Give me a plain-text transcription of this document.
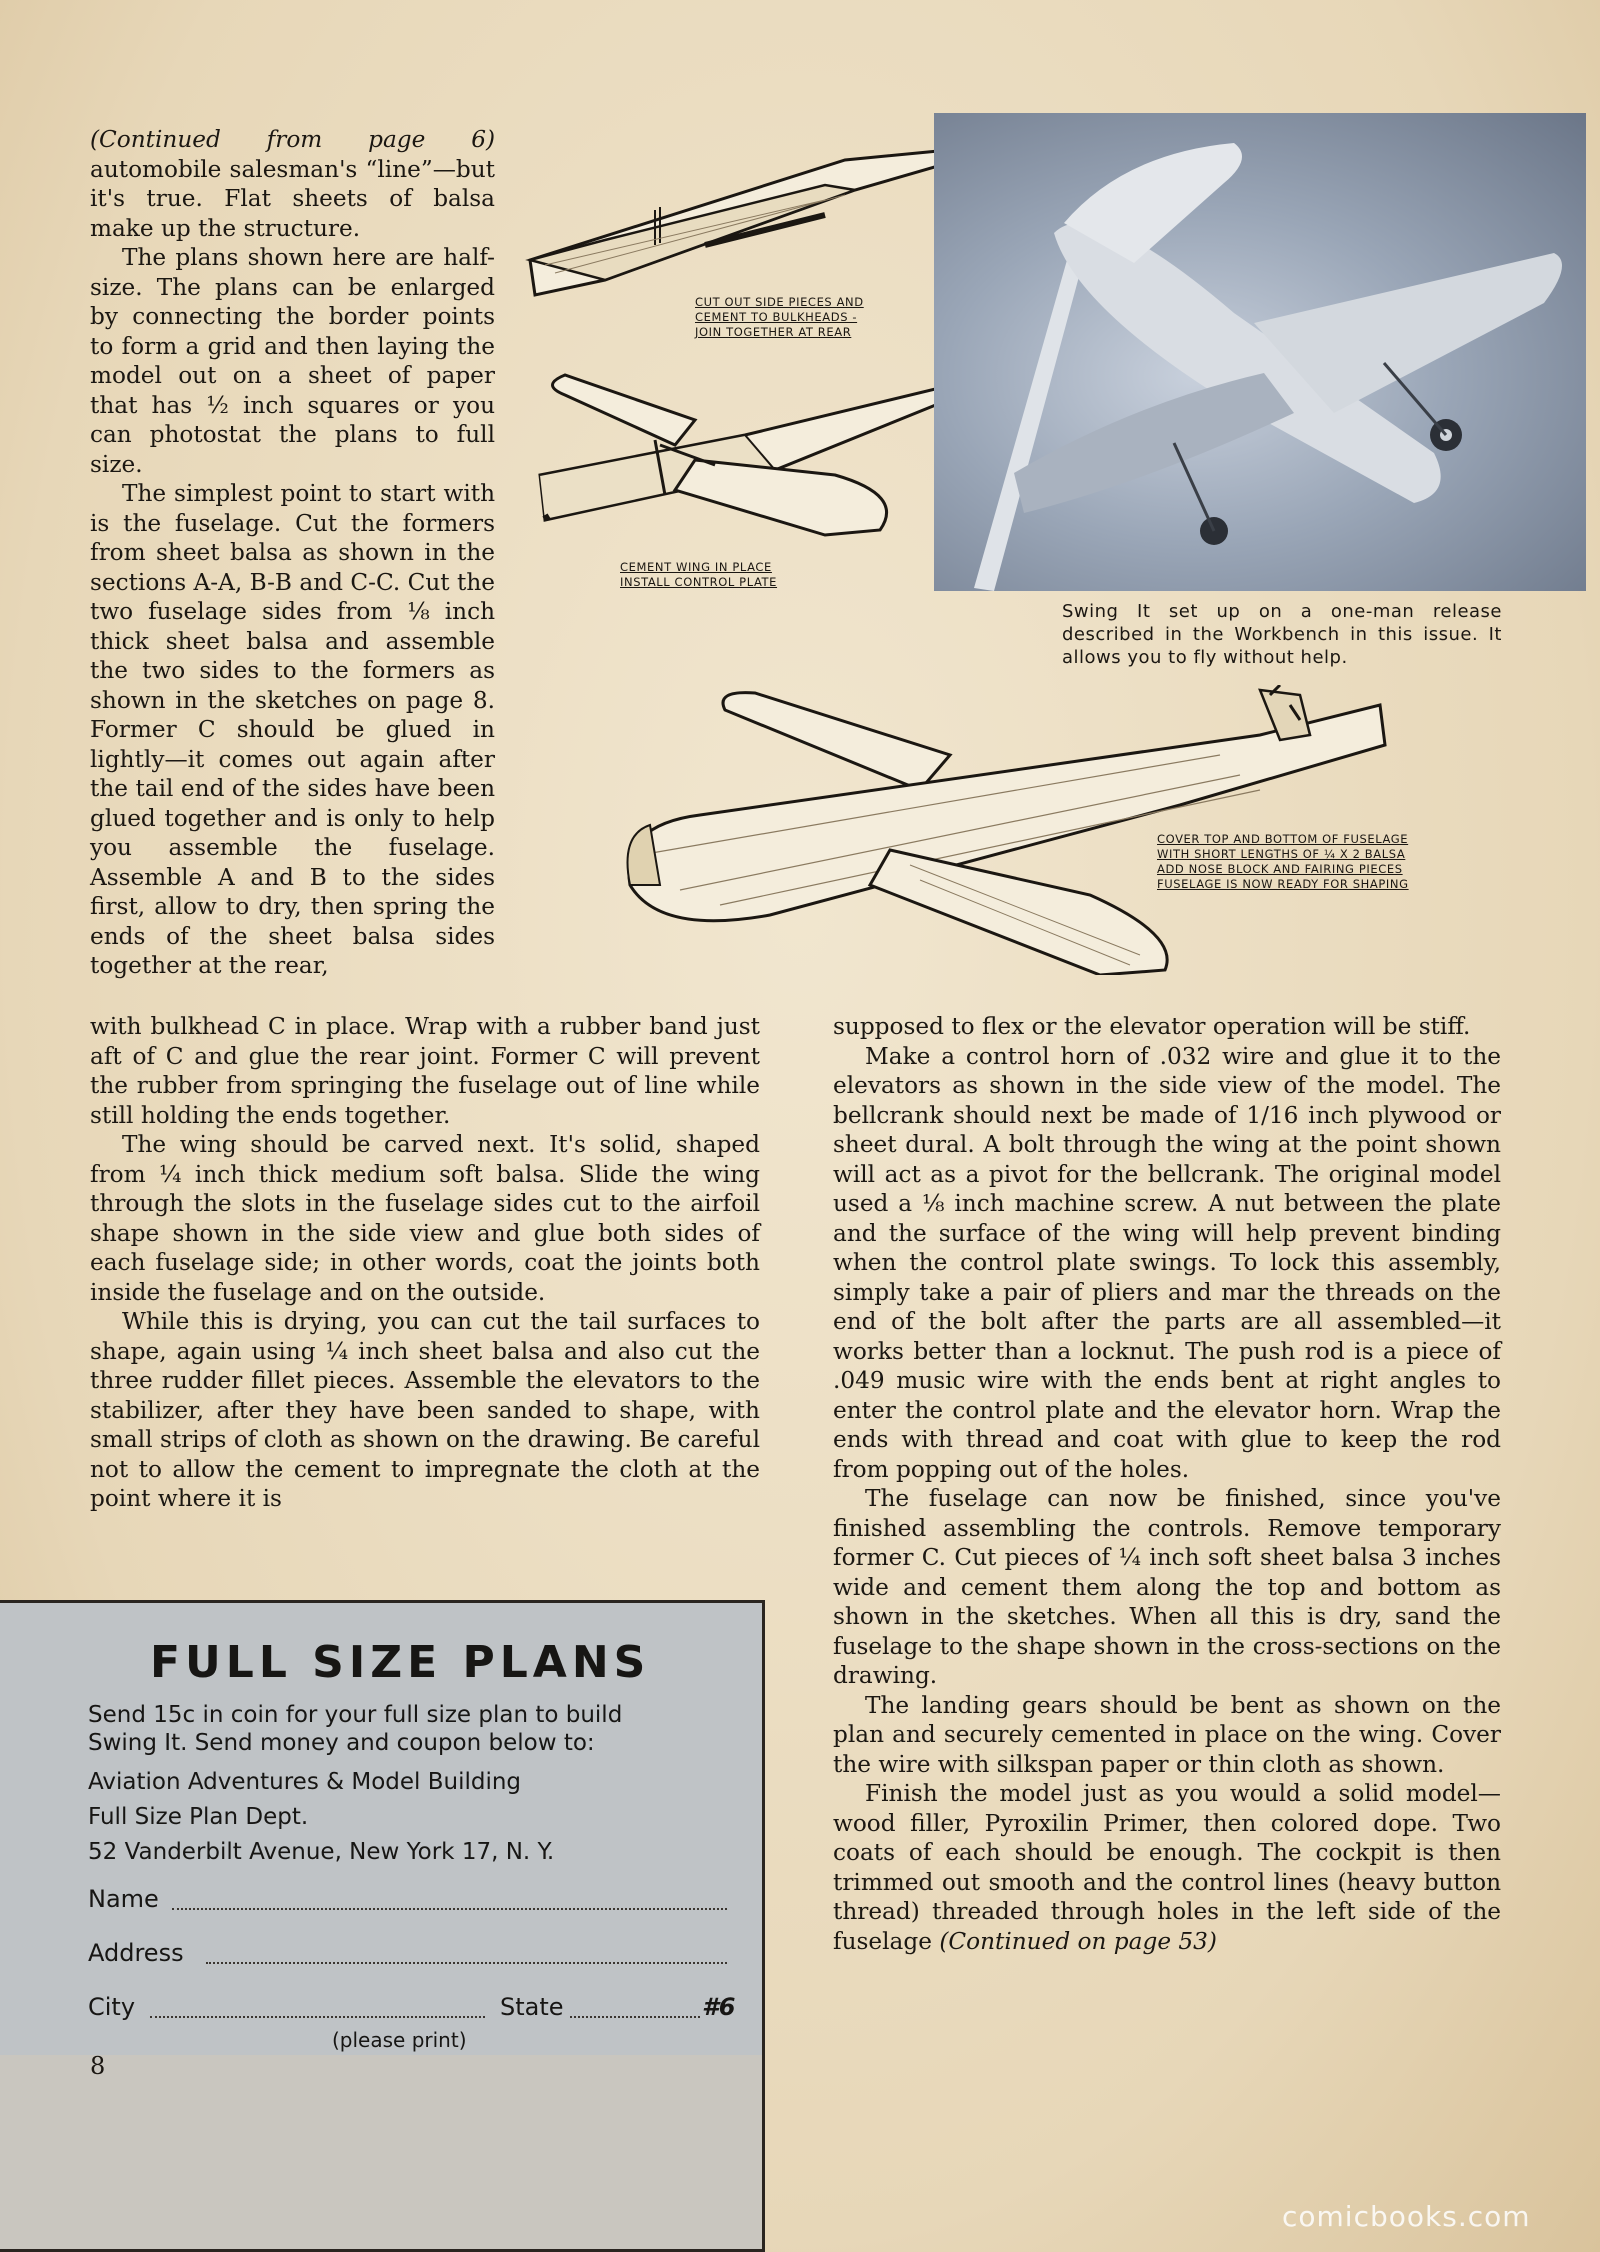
(Continued from page 6) automobile salesman's “line”—but it's true. Flat sheets of balsa make up the structure.

The plans shown here are half-size. The plans can be enlarged by connecting the border points to form a grid and then laying the model out on a sheet of paper that has ½ inch squares or you can photostat the plans to full size.

The simplest point to start with is the fuselage. Cut the formers from sheet balsa as shown in the sections A-A, B-B and C-C. Cut the two fuselage sides from ⅛ inch thick sheet balsa and assemble the two sides to the formers as shown in the sketches on page 8. Former C should be glued in lightly—it comes out again after the tail end of the sides have been glued together and is only to help you assemble the fuselage. Assemble A and B to the sides first, allow to dry, then spring the ends of the sheet balsa sides together at the rear,

CUT OUT SIDE PIECES AND
CEMENT TO BULKHEADS -
JOIN TOGETHER AT REAR
CEMENT WING IN PLACE
INSTALL CONTROL PLATE
Swing It set up on a one-man release described in the Workbench in this issue. It allows you to fly without help.
COVER TOP AND BOTTOM OF FUSELAGE
WITH SHORT LENGTHS OF ¼ X 2 BALSA
ADD NOSE BLOCK AND FAIRING PIECES
FUSELAGE IS NOW READY FOR SHAPING

with bulkhead C in place. Wrap with a rubber band just aft of C and glue the rear joint. Former C will prevent the rubber from springing the fuselage out of line while still holding the ends together.

The wing should be carved next. It's solid, shaped from ¼ inch thick medium soft balsa. Slide the wing through the slots in the fuselage sides cut to the airfoil shape shown in the side view and glue both sides of each fuselage side; in other words, coat the joints both inside the fuselage and on the outside.

While this is drying, you can cut the tail surfaces to shape, again using ¼ inch sheet balsa and also cut the three rudder fillet pieces. Assemble the elevators to the stabilizer, after they have been sanded to shape, with small strips of cloth as shown on the drawing. Be careful not to allow the cement to impregnate the cloth at the point where it is

supposed to flex or the elevator operation will be stiff.

Make a control horn of .032 wire and glue it to the elevators as shown in the side view of the model. The bellcrank should next be made of 1/16 inch plywood or sheet dural. A bolt through the wing at the point shown will act as a pivot for the bellcrank. The original model used a ⅛ inch machine screw. A nut between the plate and the surface of the wing will help prevent binding when the control plate swings. To lock this assembly, simply take a pair of pliers and mar the threads on the end of the bolt after the parts are all assembled—it works better than a locknut. The push rod is a piece of .049 music wire with the ends bent at right angles to enter the control plate and the elevator horn. Wrap the ends with thread and coat with glue to keep the rod from popping out of the holes.

The fuselage can now be finished, since you've finished assembling the controls. Remove temporary former C. Cut pieces of ¼ inch soft sheet balsa 3 inches wide and cement them along the top and bottom as shown in the sketches. When all this is dry, sand the fuselage to the shape shown in the cross-sections on the drawing.

The landing gears should be bent as shown on the plan and securely cemented in place on the wing. Cover the wire with silkspan paper or thin cloth as shown.

Finish the model just as you would a solid model—wood filler, Pyroxilin Primer, then colored dope. Two coats of each should be enough. The cockpit is then trimmed out smooth and the control lines (heavy button thread) threaded through holes in the left side of the fuselage (Continued on page 53)

FULL SIZE PLANS
Send 15c in coin for your full size plan to build
Swing It. Send money and coupon below to:
Aviation Adventures & Model Building
Full Size Plan Dept.
52 Vanderbilt Avenue, New York 17, N. Y.
Name
Address
City	State	#6
(please print)
8
comicbooks.com
